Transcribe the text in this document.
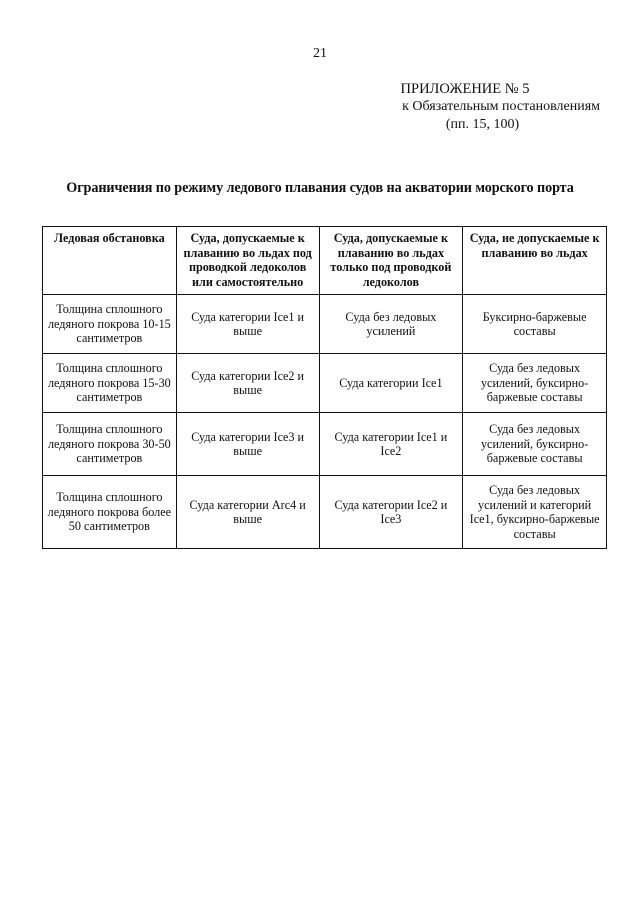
21
ПРИЛОЖЕНИЕ № 5
к Обязательным постановлениям
(пп. 15, 100)
Ограничения по режиму ледового плавания судов на акватории морского порта
Ледовая обстановка	Суда, допускаемые к плаванию во льдах под проводкой ледоколов или самостоятельно	Суда, допускаемые к плаванию во льдах только под проводкой ледоколов	Суда, не допускаемые к плаванию во льдах
Толщина сплошного ледяного покрова 10-15 сантиметров	Суда категории Ice1 и выше	Суда без ледовых усилений	Буксирно-баржевые составы
Толщина сплошного ледяного покрова 15-30 сантиметров	Суда категории Ice2 и выше	Суда категории Ice1	Суда без ледовых усилений, буксирно-баржевые составы
Толщина сплошного ледяного покрова 30-50 сантиметров	Суда категории Ice3 и выше	Суда категории Ice1 и Ice2	Суда без ледовых усилений, буксирно-баржевые составы
Толщина сплошного ледяного покрова более 50 сантиметров	Суда категории Arc4 и выше	Суда категории Ice2 и Ice3	Суда без ледовых усилений и категорий Ice1, буксирно-баржевые составы
